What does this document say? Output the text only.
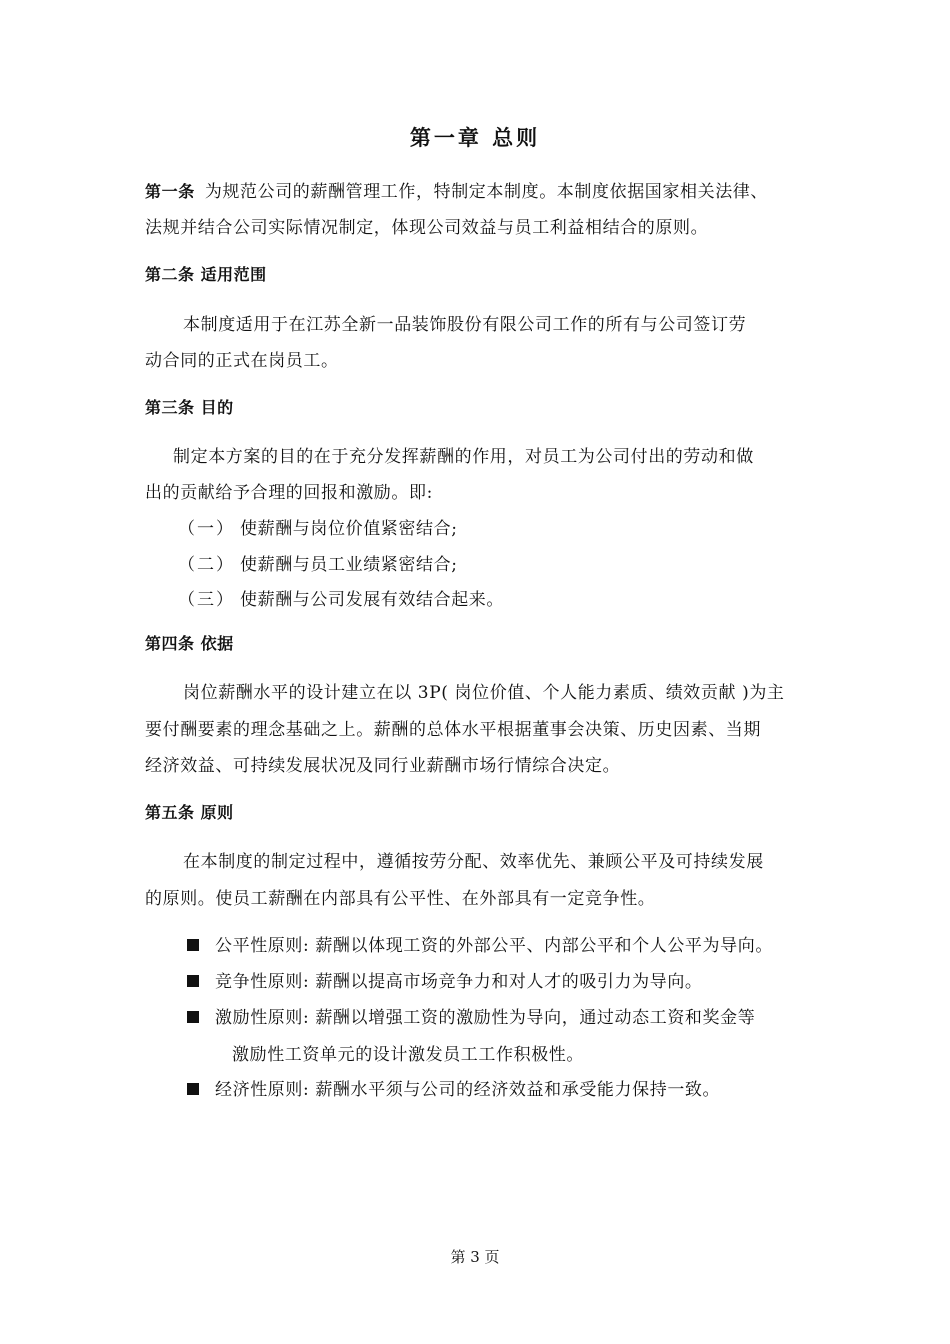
第一章 总则
第一条 为规范公司的薪酬管理工作，特制定本制度。本制度依据国家相关法律、
法规并结合公司实际情况制定，体现公司效益与员工利益相结合的原则。
第二条 适用范围
本制度适用于在江苏全新一品装饰股份有限公司工作的所有与公司签订劳
动合同的正式在岗员工。
第三条 目的
制定本方案的目的在于充分发挥薪酬的作用，对员工为公司付出的劳动和做
出的贡献给予合理的回报和激励。即:
（一） 使薪酬与岗位价值紧密结合;
（二） 使薪酬与员工业绩紧密结合;
（三） 使薪酬与公司发展有效结合起来。
第四条 依据
岗位薪酬水平的设计建立在以 3P( 岗位价值、个人能力素质、绩效贡献 )为主
要付酬要素的理念基础之上。薪酬的总体水平根据董事会决策、历史因素、当期
经济效益、可持续发展状况及同行业薪酬市场行情综合决定。
第五条 原则
在本制度的制定过程中，遵循按劳分配、效率优先、兼顾公平及可持续发展
的原则。使员工薪酬在内部具有公平性、在外部具有一定竞争性。
公平性原则: 薪酬以体现工资的外部公平、内部公平和个人公平为导向。
竞争性原则: 薪酬以提高市场竞争力和对人才的吸引力为导向。
激励性原则: 薪酬以增强工资的激励性为导向，通过动态工资和奖金等
激励性工资单元的设计激发员工工作积极性。
经济性原则: 薪酬水平须与公司的经济效益和承受能力保持一致。
第 3 页
